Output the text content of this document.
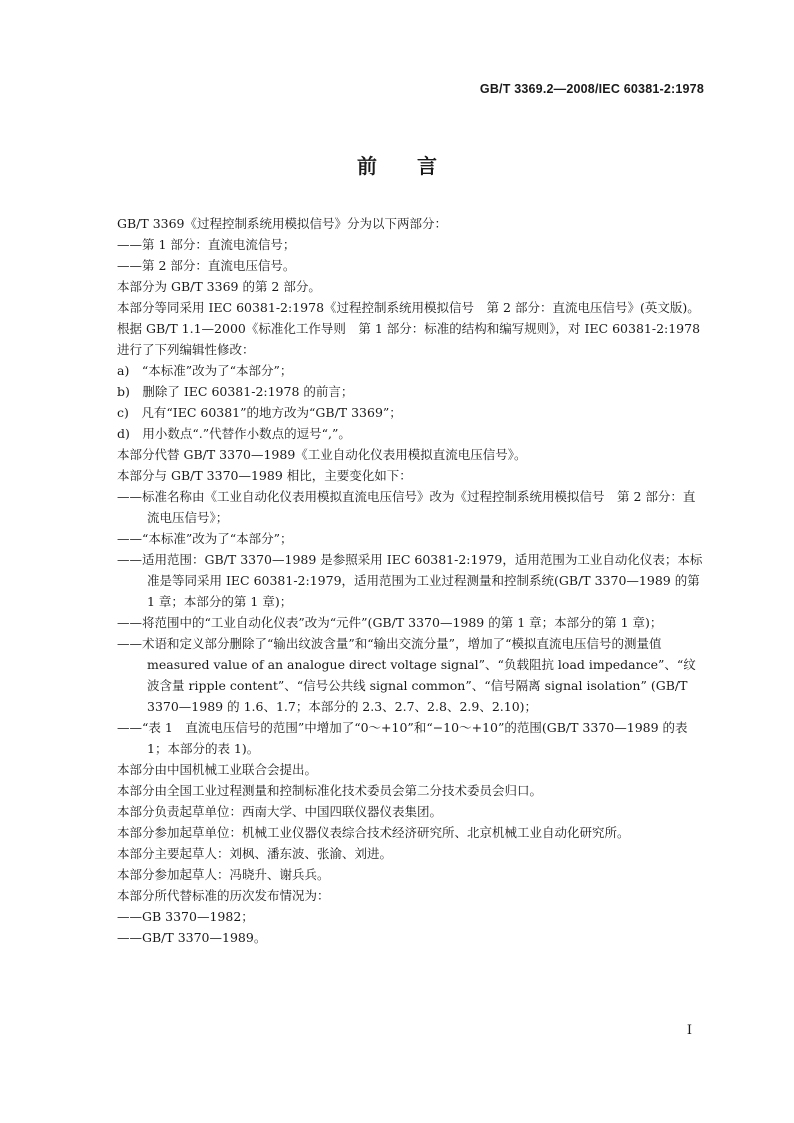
GB/T 3369.2—2008/IEC 60381-2:1978
前言

GB/T 3369《过程控制系统用模拟信号》分为以下两部分：

——第 1 部分：直流电流信号；

——第 2 部分：直流电压信号。

本部分为 GB/T 3369 的第 2 部分。

本部分等同采用 IEC 60381-2:1978《过程控制系统用模拟信号　第 2 部分：直流电压信号》(英文版)。

根据 GB/T 1.1—2000《标准化工作导则　第 1 部分：标准的结构和编写规则》，对 IEC 60381-2:1978 进行了下列编辑性修改：

a)　“本标准”改为了“本部分”；

b)　删除了 IEC 60381-2:1978 的前言；

c)　凡有“IEC 60381”的地方改为“GB/T 3369”；

d)　用小数点“.”代替作小数点的逗号“,”。

本部分代替 GB/T 3370—1989《工业自动化仪表用模拟直流电压信号》。

本部分与 GB/T 3370—1989 相比，主要变化如下：

——标准名称由《工业自动化仪表用模拟直流电压信号》改为《过程控制系统用模拟信号　第 2 部分：直流电压信号》；

——“本标准”改为了“本部分”；

——适用范围：GB/T 3370—1989 是参照采用 IEC 60381-2:1979，适用范围为工业自动化仪表；本标准是等同采用 IEC 60381-2:1979，适用范围为工业过程测量和控制系统(GB/T 3370—1989 的第 1 章；本部分的第 1 章)；

——将范围中的“工业自动化仪表”改为“元件”(GB/T 3370—1989 的第 1 章；本部分的第 1 章)；

——术语和定义部分删除了“输出纹波含量”和“输出交流分量”，增加了“模拟直流电压信号的测量值 measured value of an analogue direct voltage signal”、“负载阻抗 load impedance”、“纹波含量 ripple content”、“信号公共线 signal common”、“信号隔离 signal isolation” (GB/T 3370—1989 的 1.6、1.7；本部分的 2.3、2.7、2.8、2.9、2.10)；

——“表 1　直流电压信号的范围”中增加了“0～+10”和“−10～+10”的范围(GB/T 3370—1989 的表 1；本部分的表 1)。

本部分由中国机械工业联合会提出。

本部分由全国工业过程测量和控制标准化技术委员会第二分技术委员会归口。

本部分负责起草单位：西南大学、中国四联仪器仪表集团。

本部分参加起草单位：机械工业仪器仪表综合技术经济研究所、北京机械工业自动化研究所。

本部分主要起草人：刘枫、潘东波、张渝、刘进。

本部分参加起草人：冯晓升、谢兵兵。

本部分所代替标准的历次发布情况为：

——GB 3370—1982；

——GB/T 3370—1989。

I
